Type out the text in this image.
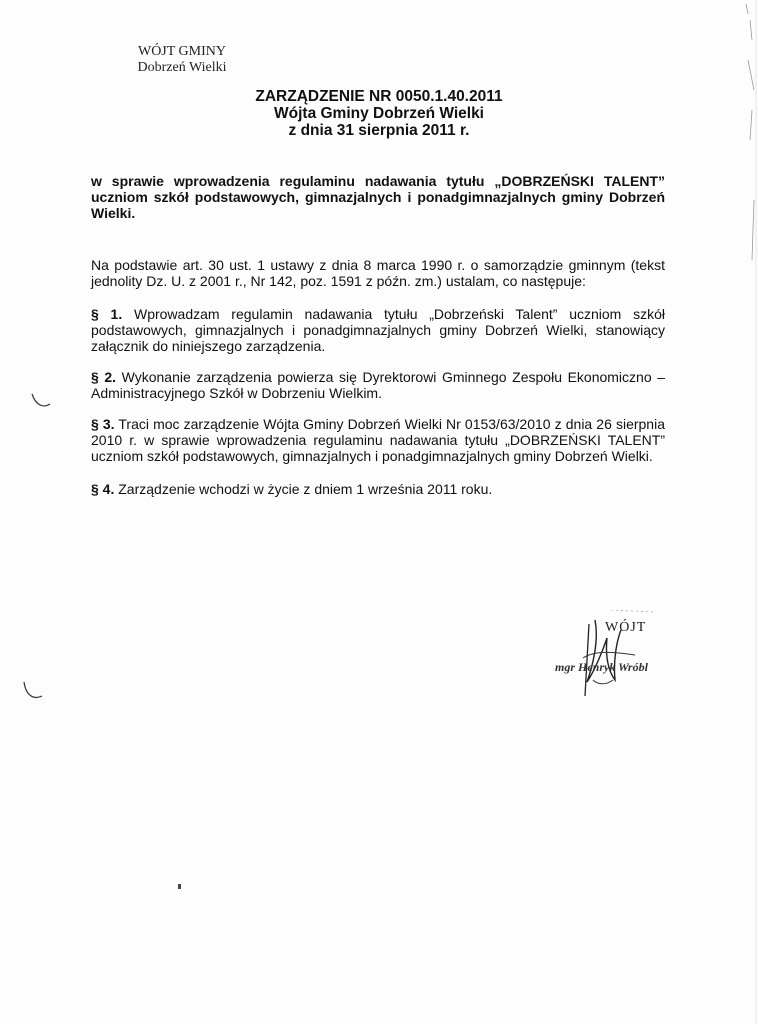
WÓJT GMINY
Dobrzeń Wielki
ZARZĄDZENIE NR 0050.1.40.2011
Wójta Gminy Dobrzeń Wielki
z dnia 31 sierpnia 2011 r.
w sprawie wprowadzenia regulaminu nadawania tytułu „DOBRZEŃSKI TALENT” uczniom szkół podstawowych, gimnazjalnych i ponadgimnazjalnych gminy Dobrzeń Wielki.
Na podstawie art. 30 ust. 1 ustawy z dnia 8 marca 1990 r. o samorządzie gminnym (tekst jednolity Dz. U. z 2001 r., Nr 142, poz. 1591 z późn. zm.) ustalam, co następuje:
§ 1. Wprowadzam regulamin nadawania tytułu „Dobrzeński Talent” uczniom szkół podstawowych, gimnazjalnych i ponadgimnazjalnych gminy Dobrzeń Wielki, stanowiący załącznik do niniejszego zarządzenia.
§ 2. Wykonanie zarządzenia powierza się Dyrektorowi Gminnego Zespołu Ekonomiczno – Administracyjnego Szkół w Dobrzeniu Wielkim.
§ 3. Traci moc zarządzenie Wójta Gminy Dobrzeń Wielki Nr 0153/63/2010 z dnia 26 sierpnia 2010 r. w sprawie wprowadzenia regulaminu nadawania tytułu „DOBRZEŃSKI TALENT” uczniom szkół podstawowych, gimnazjalnych i ponadgimnazjalnych gminy Dobrzeń Wielki.
§ 4. Zarządzenie wchodzi w życie z dniem 1 września 2011 roku.
WÓJT
mgr Henryk Wróbl
